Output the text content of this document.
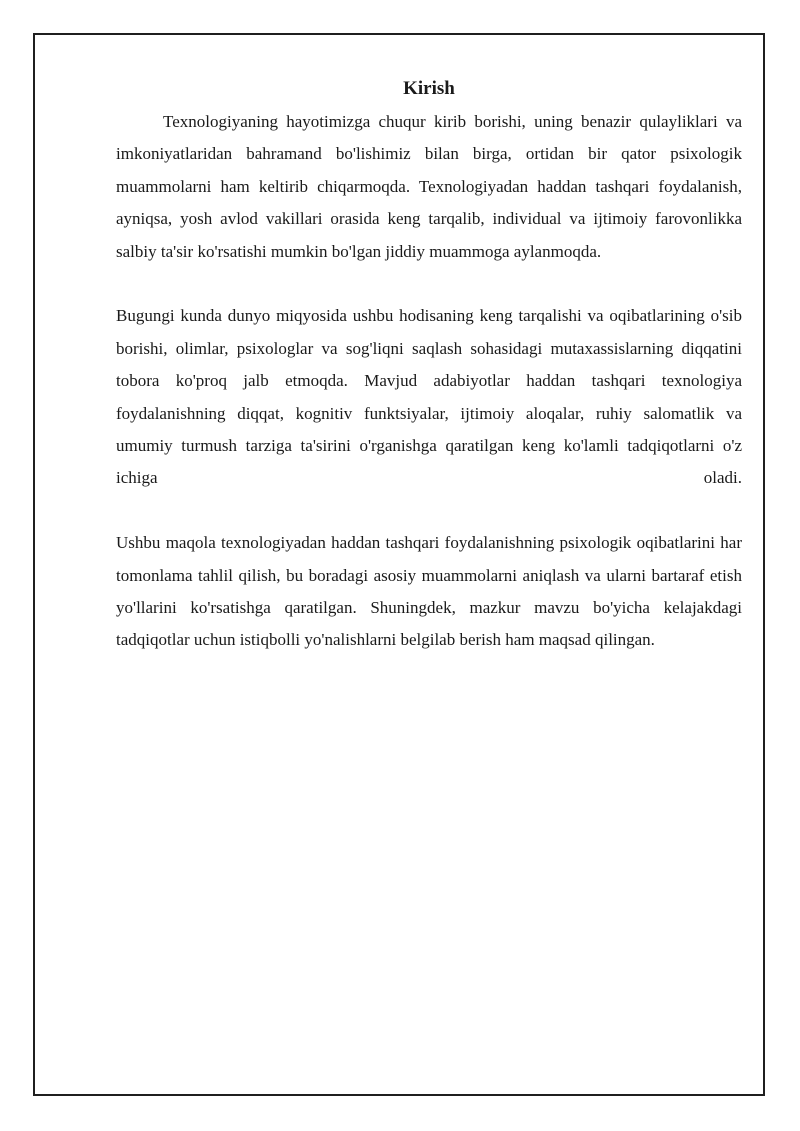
Kirish

Texnologiyaning hayotimizga chuqur kirib borishi, uning benazir qulayliklari va imkoniyatlaridan bahramand bo'lishimiz bilan birga, ortidan bir qator psixologik muammolarni ham keltirib chiqarmoqda. Texnologiyadan haddan tashqari foydalanish, ayniqsa, yosh avlod vakillari orasida keng tarqalib, individual va ijtimoiy farovonlikka salbiy ta'sir ko'rsatishi mumkin bo'lgan jiddiy muammoga aylanmoqda.

Bugungi kunda dunyo miqyosida ushbu hodisaning keng tarqalishi va oqibatlarining o'sib borishi, olimlar, psixologlar va sog'liqni saqlash sohasidagi mutaxassislarning diqqatini tobora ko'proq jalb etmoqda. Mavjud adabiyotlar haddan tashqari texnologiya foydalanishning diqqat, kognitiv funktsiyalar, ijtimoiy aloqalar, ruhiy salomatlik va umumiy turmush tarziga ta'sirini o'rganishga qaratilgan keng ko'lamli tadqiqotlarni o'z ichiga oladi.

Ushbu maqola texnologiyadan haddan tashqari foydalanishning psixologik oqibatlarini har tomonlama tahlil qilish, bu boradagi asosiy muammolarni aniqlash va ularni bartaraf etish yo'llarini ko'rsatishga qaratilgan. Shuningdek, mazkur mavzu bo'yicha kelajakdagi tadqiqotlar uchun istiqbolli yo'nalishlarni belgilab berish ham maqsad qilingan.
